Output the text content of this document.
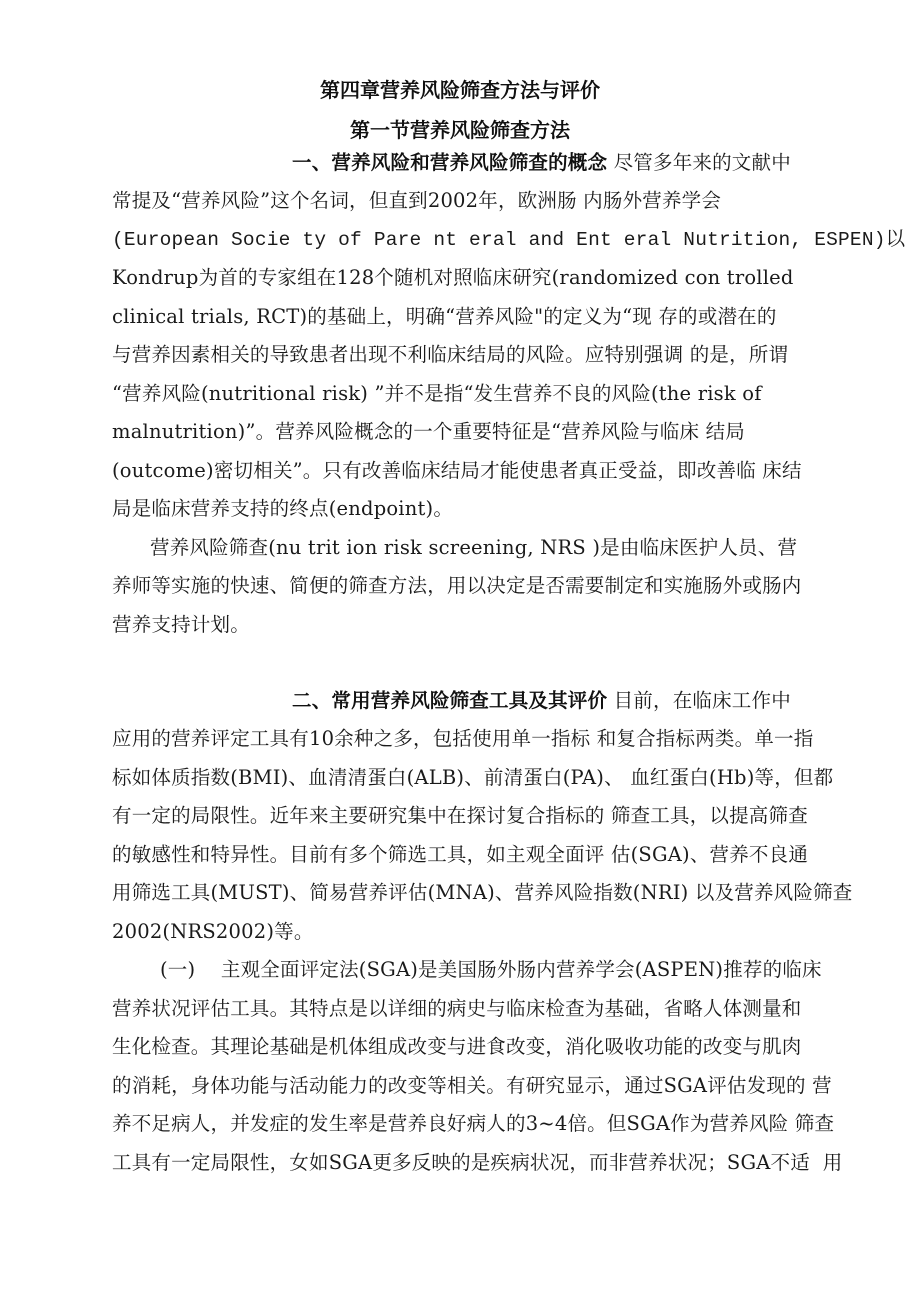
第四章营养风险筛查方法与评价
第一节营养风险筛查方法
一、营养风险和营养风险筛查的概念 尽管多年来的文献中
常提及“营养风险”这个名词，但直到2002年，欧洲肠 内肠外营养学会
(European Socie ty of Pare nt eral and Ent eral Nutrition, ESPEN)以
Kondrup为首的专家组在128个随机对照临床研究(randomized con trolled
clinical trials, RCT)的基础上，明确“营养风险"的定义为“现 存的或潜在的
与营养因素相关的导致患者出现不利临床结局的风险。应特别强调 的是，所谓
“营养风险(nutritional risk) ”并不是指“发生营养不良的风险(the risk of
malnutrition)”。营养风险概念的一个重要特征是“营养风险与临床 结局
(outcome)密切相关”。只有改善临床结局才能使患者真正受益，即改善临 床结
局是临床营养支持的终点(endpoint)。
营养风险筛查(nu trit ion risk screening, NRS )是由临床医护人员、营
养师等实施的快速、简便的筛查方法，用以决定是否需要制定和实施肠外或肠内
营养支持计划。
二、常用营养风险筛查工具及其评价 目前，在临床工作中
应用的营养评定工具有10余种之多，包括使用单一指标 和复合指标两类。单一指
标如体质指数(BMI)、血清清蛋白(ALB)、前清蛋白(PA)、 血红蛋白(Hb)等，但都
有一定的局限性。近年来主要研究集中在探讨复合指标的 筛查工具，以提高筛查
的敏感性和特异性。目前有多个筛选工具，如主观全面评 估(SGA)、营养不良通
用筛选工具(MUST)、简易营养评估(MNA)、营养风险指数(NRI) 以及营养风险筛查
2002(NRS2002)等。
(一)    主观全面评定法(SGA)是美国肠外肠内营养学会(ASPEN)推荐的临床
营养状况评估工具。其特点是以详细的病史与临床检查为基础，省略人体测量和
生化检查。其理论基础是机体组成改变与进食改变，消化吸收功能的改变与肌肉
的消耗，身体功能与活动能力的改变等相关。有研究显示，通过SGA评估发现的 营
养不足病人，并发症的发生率是营养良好病人的3~4倍。但SGA作为营养风险 筛查
工具有一定局限性，女如SGA更多反映的是疾病状况，而非营养状况；SGA不适  用
